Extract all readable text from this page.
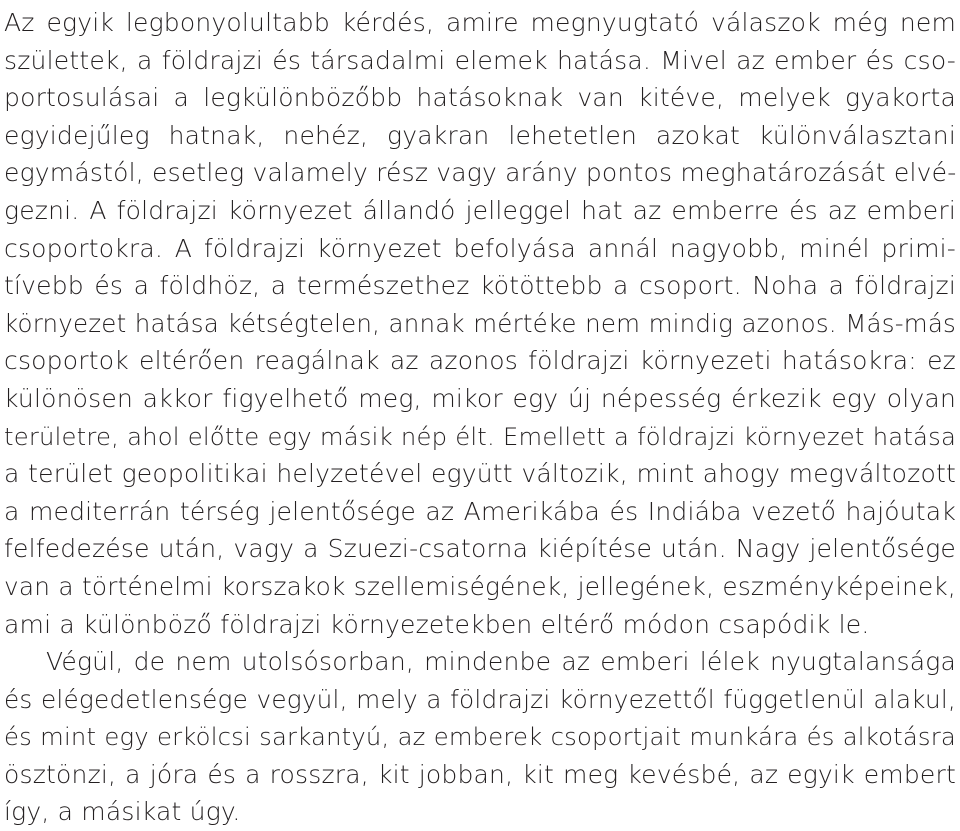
Az egyik legbonyolultabb kérdés, amire megnyugtató válaszok még nem
születtek, a földrajzi és társadalmi elemek hatása. Mivel az ember és cso-
portosulásai a legkülönbözőbb hatásoknak van kitéve, melyek gyakorta
egyidejűleg hatnak, nehéz, gyakran lehetetlen azokat különválasztani
egymástól, esetleg valamely rész vagy arány pontos meghatározását elvé-
gezni. A földrajzi környezet állandó jelleggel hat az emberre és az emberi
csoportokra. A földrajzi környezet befolyása annál nagyobb, minél primi-
tívebb és a földhöz, a természethez kötöttebb a csoport. Noha a földrajzi
környezet hatása kétségtelen, annak mértéke nem mindig azonos. Más-más
csoportok eltérően reagálnak az azonos földrajzi környezeti hatásokra: ez
különösen akkor figyelhető meg, mikor egy új népesség érkezik egy olyan
területre, ahol előtte egy másik nép élt. Emellett a földrajzi környezet hatása
a terület geopolitikai helyzetével együtt változik, mint ahogy megváltozott
a mediterrán térség jelentősége az Amerikába és Indiába vezető hajóutak
felfedezése után, vagy a Szuezi-csatorna kiépítése után. Nagy jelentősége
van a történelmi korszakok szellemiségének, jellegének, eszményképeinek,
ami a különböző földrajzi környezetekben eltérő módon csapódik le.
Végül, de nem utolsósorban, mindenbe az emberi lélek nyugtalansága
és elégedetlensége vegyül, mely a földrajzi környezettől függetlenül alakul,
és mint egy erkölcsi sarkantyú, az emberek csoportjait munkára és alkotásra
ösztönzi, a jóra és a rosszra, kit jobban, kit meg kevésbé, az egyik embert
így, a másikat úgy.
